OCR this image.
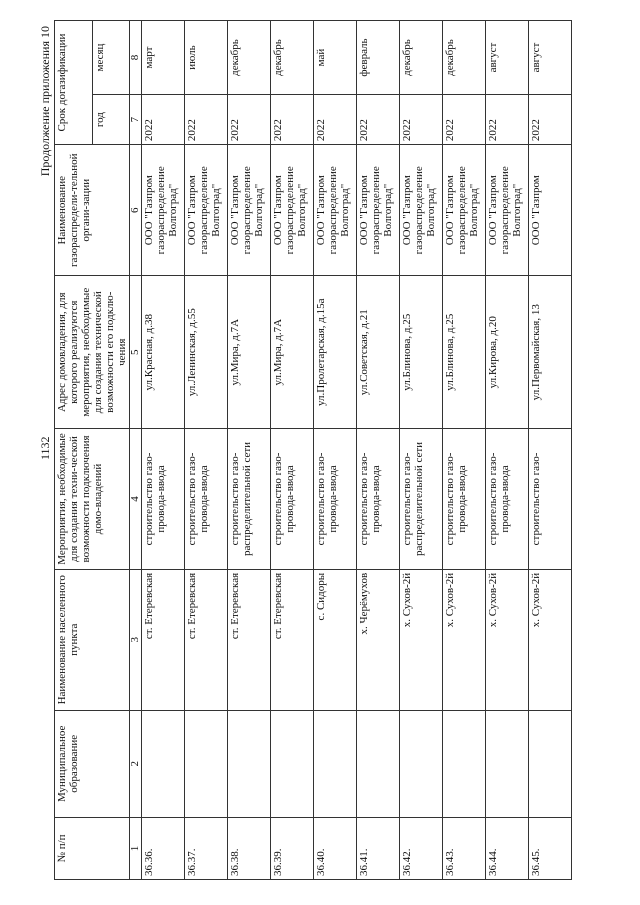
1132
Продолжение приложения 10
№ п/п	Муниципальное образование	Наименование населенного пункта	Мероприятия, необходимые для создания техни-ческой возможности подключения домо-владений	Адрес домовладения, для которого реализуются мероприятия, необходимые для создания технической возможности его подклю-чения	Наименование газораспредели-тельной органи-зации	Срок догазификации	
						год	месяц
1	2	3	4	5	6	7	8
36.36.		ст. Етеревская	строительство газо-провода-ввода	ул.Красная, д.38	ООО "Газпром газораспределение Волгоград"	2022	март
36.37.		ст. Етеревская	строительство газо-провода-ввода	ул.Ленинская, д.55	ООО "Газпром газораспределение Волгоград"	2022	июль
36.38.		ст. Етеревская	строительство газо-распределительной сети	ул.Мира, д.7А	ООО "Газпром газораспределение Волгоград"	2022	декабрь
36.39.		ст. Етеревская	строительство газо-провода-ввода	ул.Мира, д.7А	ООО "Газпром газораспределение Волгоград"	2022	декабрь
36.40.		с. Сидоры	строительство газо-провода-ввода	ул.Пролетарская, д.15а	ООО "Газпром газораспределение Волгоград"	2022	май
36.41.		х. Черёмухов	строительство газо-провода-ввода	ул.Советская, д.21	ООО "Газпром газораспределение Волгоград"	2022	февраль
36.42.		х. Сухов-2й	строительство газо-распределительной сети	ул.Блинова, д.25	ООО "Газпром газораспределение Волгоград"	2022	декабрь
36.43.		х. Сухов-2й	строительство газо-провода-ввода	ул.Блинова, д.25	ООО "Газпром газораспределение Волгоград"	2022	декабрь
36.44.		х. Сухов-2й	строительство газо-провода-ввода	ул.Кирова, д.20	ООО "Газпром газораспределение Волгоград"	2022	август
36.45.		х. Сухов-2й	строительство газо-	ул.Первомайская, 13	ООО "Газпром	2022	август
